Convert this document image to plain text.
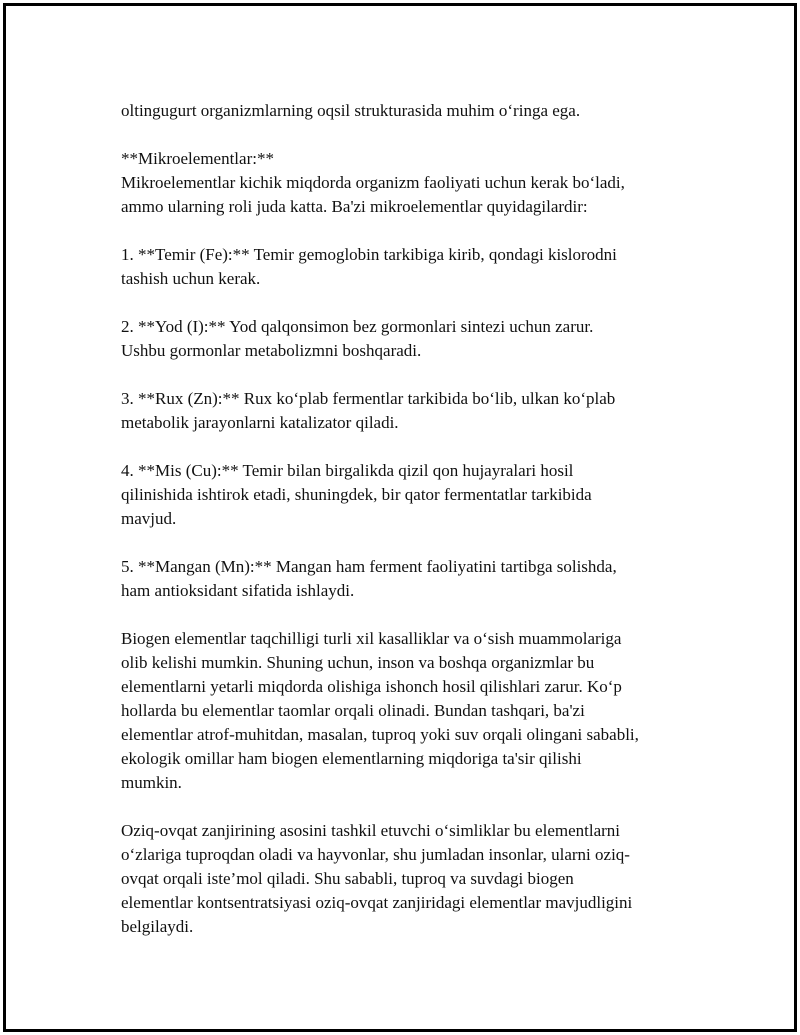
oltingugurt organizmlarning oqsil strukturasida muhim o‘ringa ega.

**Mikroelementlar:**
Mikroelementlar kichik miqdorda organizm faoliyati uchun kerak bo‘ladi,
ammo ularning roli juda katta. Ba'zi mikroelementlar quyidagilardir:

1. **Temir (Fe):** Temir gemoglobin tarkibiga kirib, qondagi kislorodni
tashish uchun kerak.

2. **Yod (I):** Yod qalqonsimon bez gormonlari sintezi uchun zarur.
Ushbu gormonlar metabolizmni boshqaradi.

3. **Rux (Zn):** Rux ko‘plab fermentlar tarkibida bo‘lib, ulkan ko‘plab
metabolik jarayonlarni katalizator qiladi.

4. **Mis (Cu):** Temir bilan birgalikda qizil qon hujayralari hosil
qilinishida ishtirok etadi, shuningdek, bir qator fermentatlar tarkibida
mavjud.

5. **Mangan (Mn):** Mangan ham ferment faoliyatini tartibga solishda,
ham antioksidant sifatida ishlaydi.

Biogen elementlar taqchilligi turli xil kasalliklar va o‘sish muammolariga
olib kelishi mumkin. Shuning uchun, inson va boshqa organizmlar bu
elementlarni yetarli miqdorda olishiga ishonch hosil qilishlari zarur. Ko‘p
hollarda bu elementlar taomlar orqali olinadi. Bundan tashqari, ba'zi
elementlar atrof-muhitdan, masalan, tuproq yoki suv orqali olingani sababli,
ekologik omillar ham biogen elementlarning miqdoriga ta'sir qilishi
mumkin.

Oziq-ovqat zanjirining asosini tashkil etuvchi o‘simliklar bu elementlarni
o‘zlariga tuproqdan oladi va hayvonlar, shu jumladan insonlar, ularni oziq-
ovqat orqali iste’mol qiladi. Shu sababli, tuproq va suvdagi biogen
elementlar kontsentratsiyasi oziq-ovqat zanjiridagi elementlar mavjudligini
belgilaydi.
